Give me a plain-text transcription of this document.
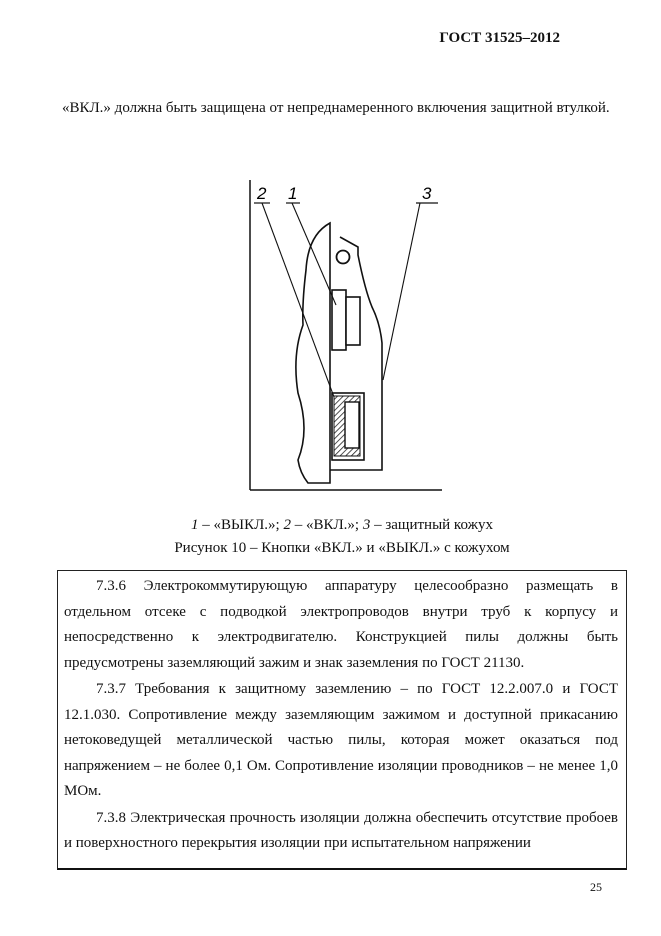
ГОСТ 31525–2012
«ВКЛ.» должна быть защищена от непреднамеренного включения защитной втулкой.
2 1	3
1 – «ВЫКЛ.»; 2 – «ВКЛ.»; 3 – защитный кожух
Рисунок 10 – Кнопки «ВКЛ.» и «ВЫКЛ.» с кожухом

7.3.6 Электрокоммутирующую аппаратуру целесообразно размещать в отдельном отсеке с подводкой электропроводов внутри труб к корпусу и непосредственно к электродвигателю. Конструкцией пилы должны быть предусмотрены заземляющий зажим и знак заземления по ГОСТ 21130.

7.3.7 Требования к защитному заземлению – по ГОСТ 12.2.007.0 и ГОСТ 12.1.030. Сопротивление между заземляющим зажимом и доступной прикасанию нетоковедущей металлической частью пилы, которая может оказаться под напряжением – не более 0,1 Ом. Сопротивление изоляции проводников – не менее 1,0 МОм.

7.3.8 Электрическая прочность изоляции должна обеспечить отсутствие пробоев и поверхностного перекрытия изоляции при испытательном напряжении

25
